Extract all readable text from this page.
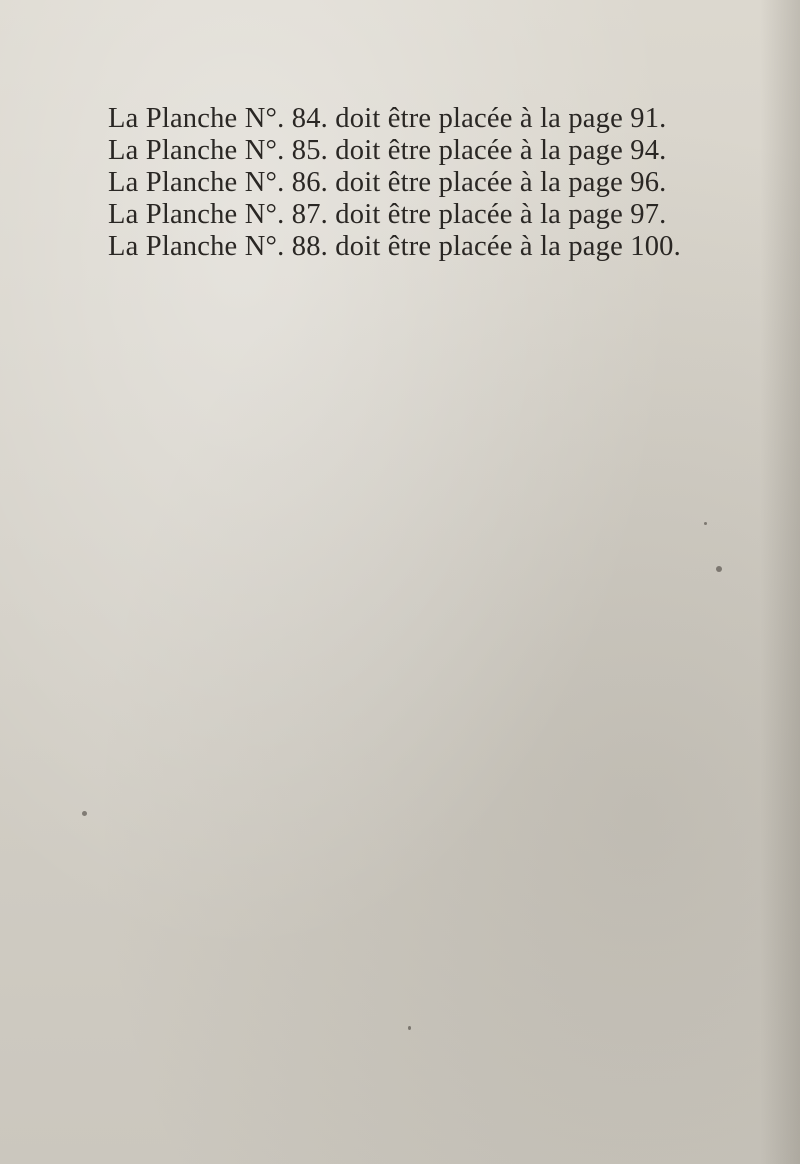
La Planche N°. 84. doit être placée à la page 91.
La Planche N°. 85. doit être placée à la page 94.
La Planche N°. 86. doit être placée à la page 96.
La Planche N°. 87. doit être placée à la page 97.
La Planche N°. 88. doit être placée à la page 100.
